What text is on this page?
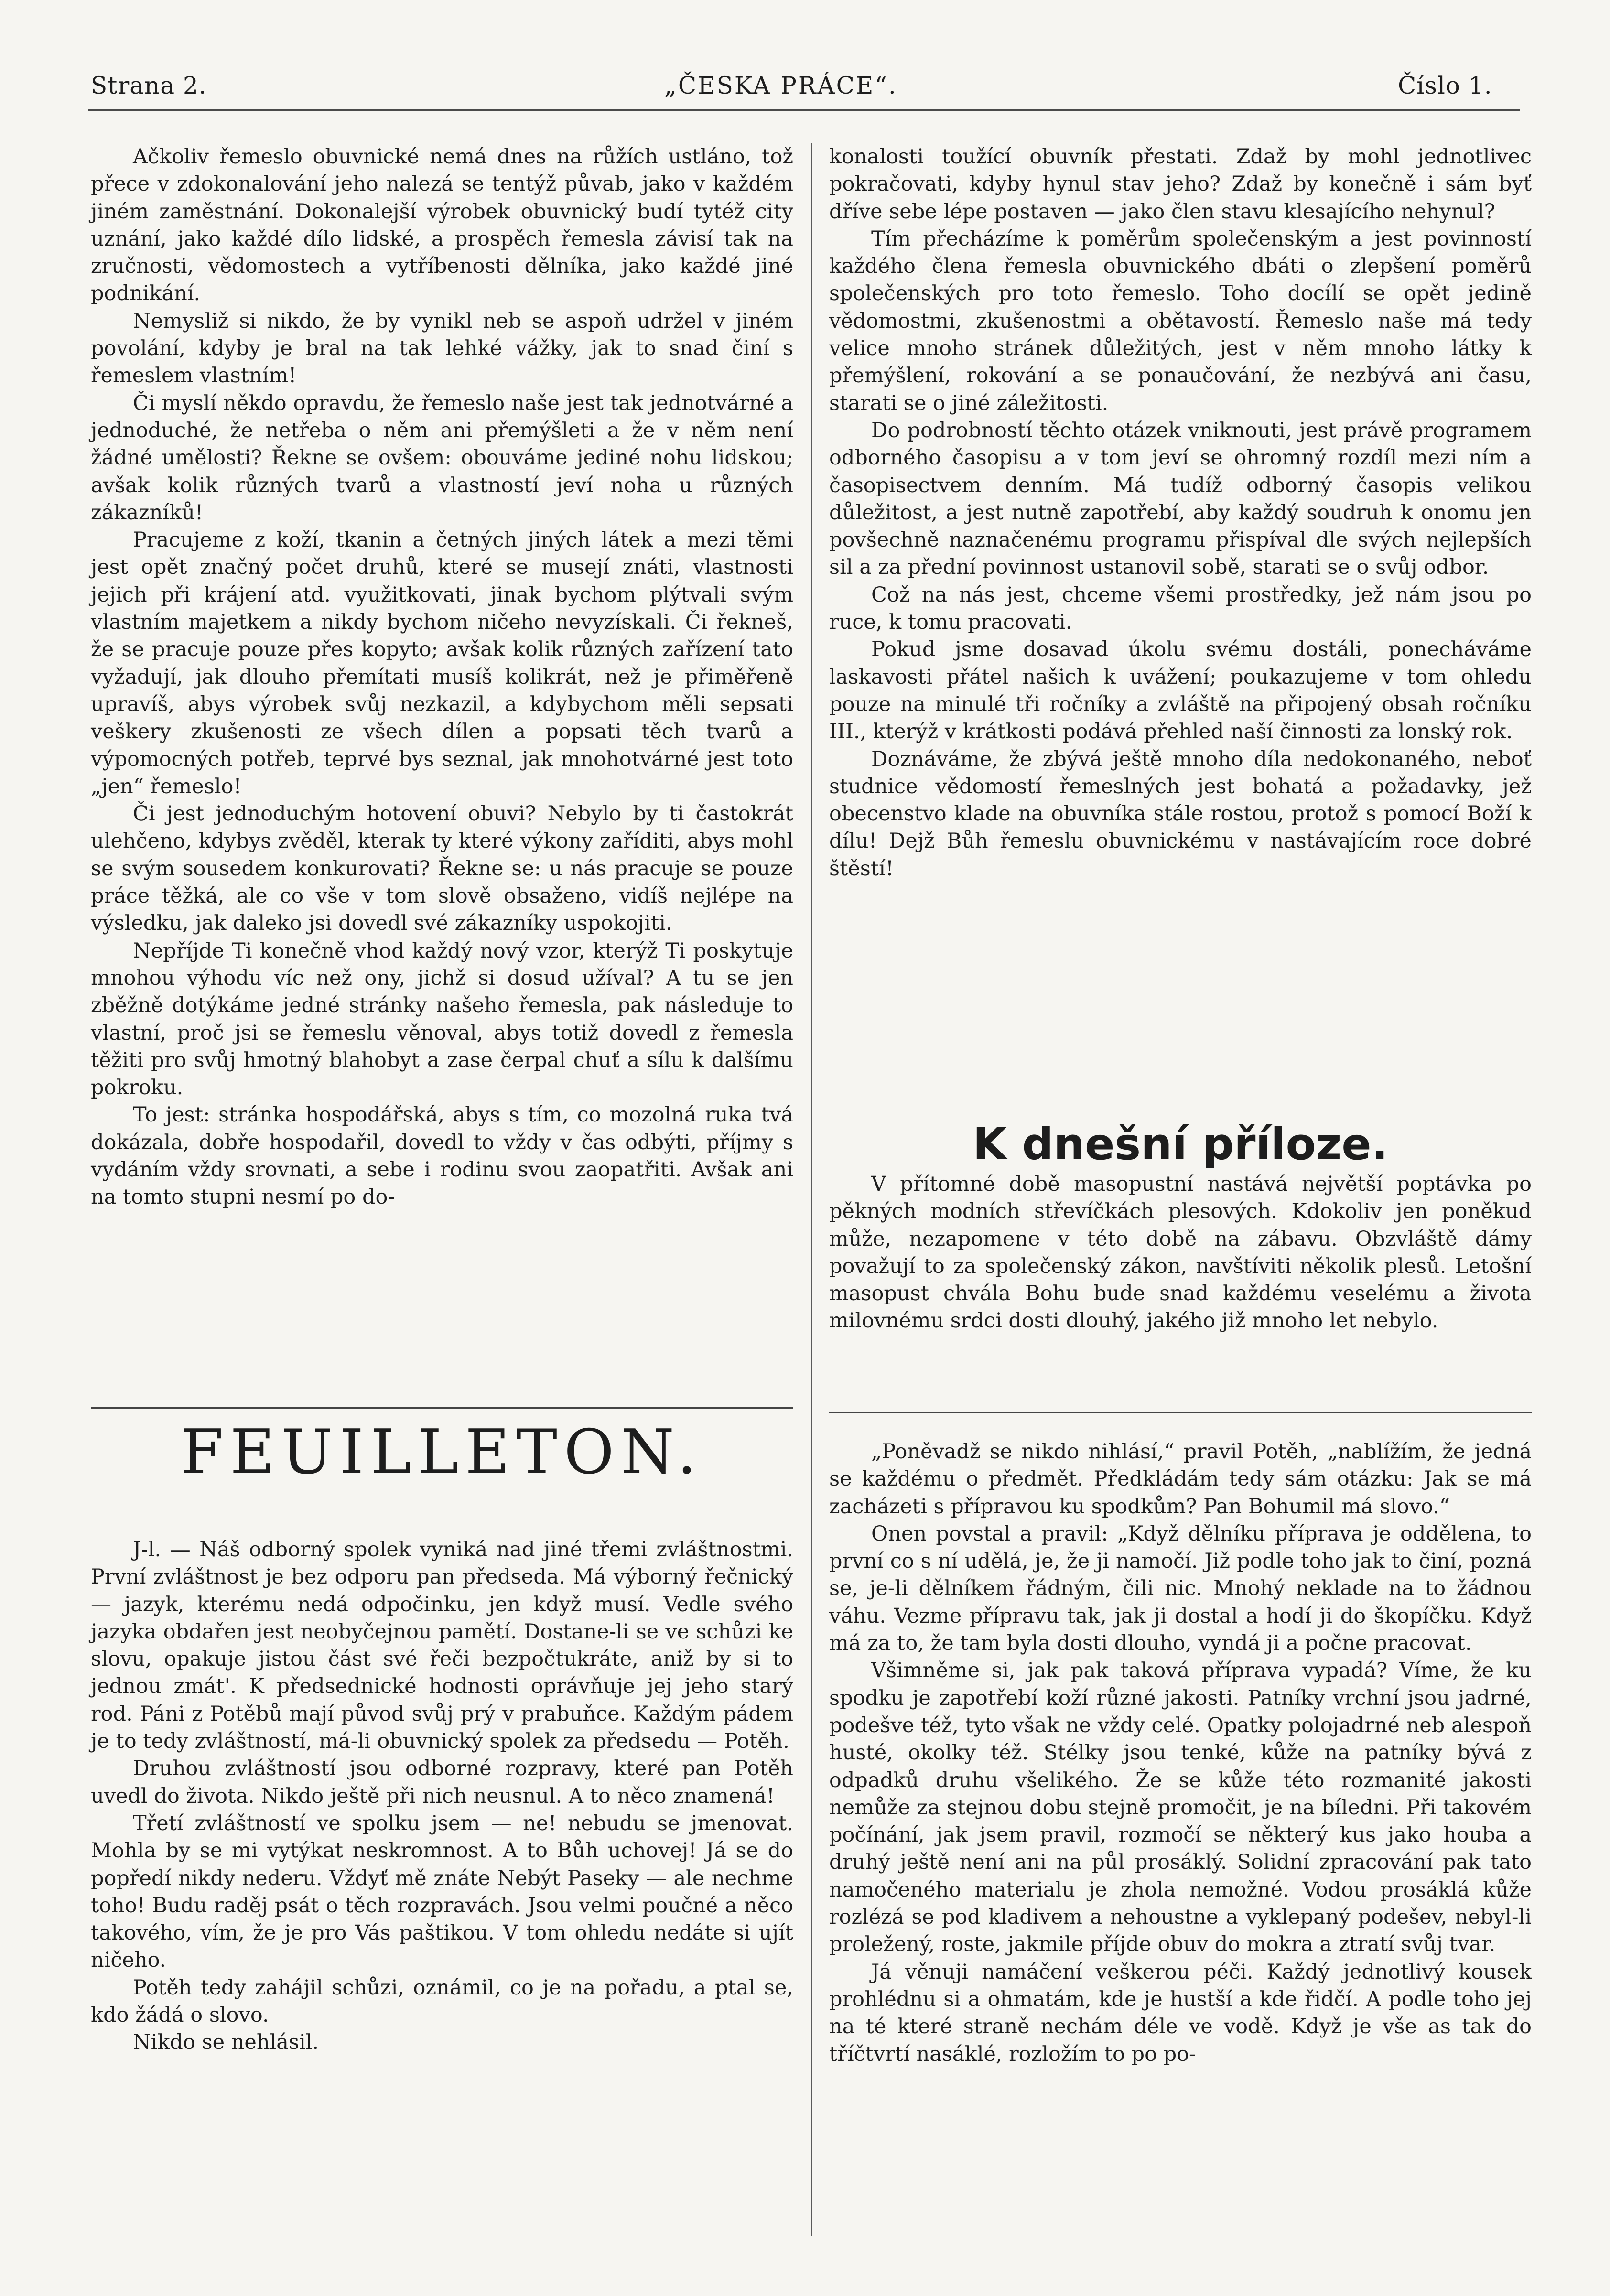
Strana 2.	„ČESKA PRÁCE“.	Číslo 1.

Ačkoliv řemeslo obuvnické nemá dnes na růžích ustláno, tož přece v zdokonalování jeho nalezá se tentýž půvab, jako v každém jiném zaměstnání. Dokonalejší výrobek obuvnický budí tytéž city uznání, jako každé dílo lidské, a prospěch řemesla závisí tak na zručnosti, vědomostech a vytříbenosti dělníka, jako každé jiné podnikání.

Nemysliž si nikdo, že by vynikl neb se aspoň udržel v jiném povolání, kdyby je bral na tak lehké vážky, jak to snad činí s řemeslem vlastním!

Či myslí někdo opravdu, že řemeslo naše jest tak jednotvárné a jednoduché, že netřeba o něm ani přemýšleti a že v něm není žádné umělosti? Řekne se ovšem: obouváme jediné nohu lidskou; avšak kolik různých tvarů a vlastností jeví noha u různých zákazníků!

Pracujeme z koží, tkanin a četných jiných látek a mezi těmi jest opět značný počet druhů, které se musejí znáti, vlastnosti jejich při krájení atd. využitkovati, jinak bychom plýtvali svým vlastním majetkem a nikdy bychom ničeho nevyzískali. Či řekneš, že se pracuje pouze přes kopyto; avšak kolik různých zařízení tato vyžadují, jak dlouho přemítati musíš kolikrát, než je přiměřeně upravíš, abys výrobek svůj nezkazil, a kdybychom měli sepsati veškery zkušenosti ze všech dílen a popsati těch tvarů a výpomocných potřeb, teprvé bys seznal, jak mnohotvárné jest toto „jen“ řemeslo!

Či jest jednoduchým hotovení obuvi? Nebylo by ti častokrát ulehčeno, kdybys zvěděl, kterak ty které výkony zaříditi, abys mohl se svým sousedem konkurovati? Řekne se: u nás pracuje se pouze práce těžká, ale co vše v tom slově obsaženo, vidíš nejlépe na výsledku, jak daleko jsi dovedl své zákazníky uspokojiti.

Nepříjde Ti konečně vhod každý nový vzor, kterýž Ti poskytuje mnohou výhodu víc než ony, jichž si dosud užíval? A tu se jen zběžně dotýkáme jedné stránky našeho řemesla, pak následuje to vlastní, proč jsi se řemeslu věnoval, abys totiž dovedl z řemesla těžiti pro svůj hmotný blahobyt a zase čerpal chuť a sílu k dalšímu pokroku.

To jest: stránka hospodářská, abys s tím, co mozolná ruka tvá dokázala, dobře hospodařil, dovedl to vždy v čas odbýti, příjmy s vydáním vždy srovnati, a sebe i rodinu svou zaopatřiti. Avšak ani na tomto stupni nesmí po do-

FEUILLETON.

J-l. — Náš odborný spolek vyniká nad jiné třemi zvláštnostmi. První zvláštnost je bez odporu pan předseda. Má výborný řečnický — jazyk, kterému nedá odpočinku, jen když musí. Vedle svého jazyka obdařen jest neobyčejnou pamětí. Dostane-li se ve schůzi ke slovu, opakuje jistou část své řeči bezpočtukráte, aniž by si to jednou zmát'. K předsednické hodnosti oprávňuje jej jeho starý rod. Páni z Potěbů mají původ svůj prý v prabuňce. Každým pádem je to tedy zvláštností, má-li obuvnický spolek za předsedu — Potěh.

Druhou zvláštností jsou odborné rozpravy, které pan Potěh uvedl do života. Nikdo ještě při nich neusnul. A to něco znamená!

Třetí zvláštností ve spolku jsem — ne! nebudu se jmenovat. Mohla by se mi vytýkat neskromnost. A to Bůh uchovej! Já se do popředí nikdy nederu. Vždyť mě znáte Nebýt Paseky — ale nechme toho! Budu raděj psát o těch rozpravách. Jsou velmi poučné a něco takového, vím, že je pro Vás paštikou. V tom ohledu nedáte si ujít ničeho.

Potěh tedy zahájil schůzi, oznámil, co je na pořadu, a ptal se, kdo žádá o slovo.

Nikdo se nehlásil.

konalosti toužící obuvník přestati. Zdaž by mohl jednotlivec pokračovati, kdyby hynul stav jeho? Zdaž by konečně i sám byť dříve sebe lépe postaven — jako člen stavu klesajícího nehynul?

Tím přecházíme k poměrům společenským a jest povinností každého člena řemesla obuvnického dbáti o zlepšení poměrů společenských pro toto řemeslo. Toho docílí se opět jedině vědomostmi, zkušenostmi a obětavostí. Řemeslo naše má tedy velice mnoho stránek důležitých, jest v něm mnoho látky k přemýšlení, rokování a se ponaučování, že nezbývá ani času, starati se o jiné záležitosti.

Do podrobností těchto otázek vniknouti, jest právě programem odborného časopisu a v tom jeví se ohromný rozdíl mezi ním a časopisectvem denním. Má tudíž odborný časopis velikou důležitost, a jest nutně zapotřebí, aby každý soudruh k onomu jen povšechně naznačenému programu přispíval dle svých nejlepších sil a za přední povinnost ustanovil sobě, starati se o svůj odbor.

Což na nás jest, chceme všemi prostředky, jež nám jsou po ruce, k tomu pracovati.

Pokud jsme dosavad úkolu svému dostáli, ponecháváme laskavosti přátel našich k uvážení; poukazujeme v tom ohledu pouze na minulé tři ročníky a zvláště na připojený obsah ročníku III., kterýž v krátkosti podává přehled naší činnosti za lonský rok.

Doznáváme, že zbývá ještě mnoho díla nedokonaného, neboť studnice vědomostí řemeslných jest bohatá a požadavky, jež obecenstvo klade na obuvníka stále rostou, protož s pomocí Boží k dílu! Dejž Bůh řemeslu obuvnickému v nastávajícím roce dobré štěstí!

K dnešní příloze.

V přítomné době masopustní nastává největší poptávka po pěkných modních střevíčkách plesových. Kdokoliv jen poněkud může, nezapomene v této době na zábavu. Obzvláště dámy považují to za společenský zákon, navštíviti několik plesů. Letošní masopust chvála Bohu bude snad každému veselému a života milovnému srdci dosti dlouhý, jakého již mnoho let nebylo.

„Poněvadž se nikdo nihlásí,“ pravil Potěh, „nablížím, že jedná se každému o předmět. Předkládám tedy sám otázku: Jak se má zacházeti s přípravou ku spodkům? Pan Bohumil má slovo.“

Onen povstal a pravil: „Když dělníku příprava je oddělena, to první co s ní udělá, je, že ji namočí. Již podle toho jak to činí, pozná se, je-li dělníkem řádným, čili nic. Mnohý neklade na to žádnou váhu. Vezme přípravu tak, jak ji dostal a hodí ji do škopíčku. Když má za to, že tam byla dosti dlouho, vyndá ji a počne pracovat.

Všimněme si, jak pak taková příprava vypadá? Víme, že ku spodku je zapotřebí koží různé jakosti. Patníky vrchní jsou jadrné, podešve též, tyto však ne vždy celé. Opatky polojadrné neb alespoň husté, okolky též. Stélky jsou tenké, kůže na patníky bývá z odpadků druhu všelikého. Že se kůže této rozmanité jakosti nemůže za stejnou dobu stejně promočit, je na bíledni. Při takovém počínání, jak jsem pravil, rozmočí se některý kus jako houba a druhý ještě není ani na půl prosáklý. Solidní zpracování pak tato namočeného materialu je zhola nemožné. Vodou prosáklá kůže rozlézá se pod kladivem a nehoustne a vyklepaný podešev, nebyl-li proležený, roste, jakmile příjde obuv do mokra a ztratí svůj tvar.

Já věnuji namáčení veškerou péči. Každý jednotlivý kousek prohlédnu si a ohmatám, kde je hustší a kde řidčí. A podle toho jej na té které straně nechám déle ve vodě. Když je vše as tak do tříčtvrtí nasáklé, rozložím to po po-
